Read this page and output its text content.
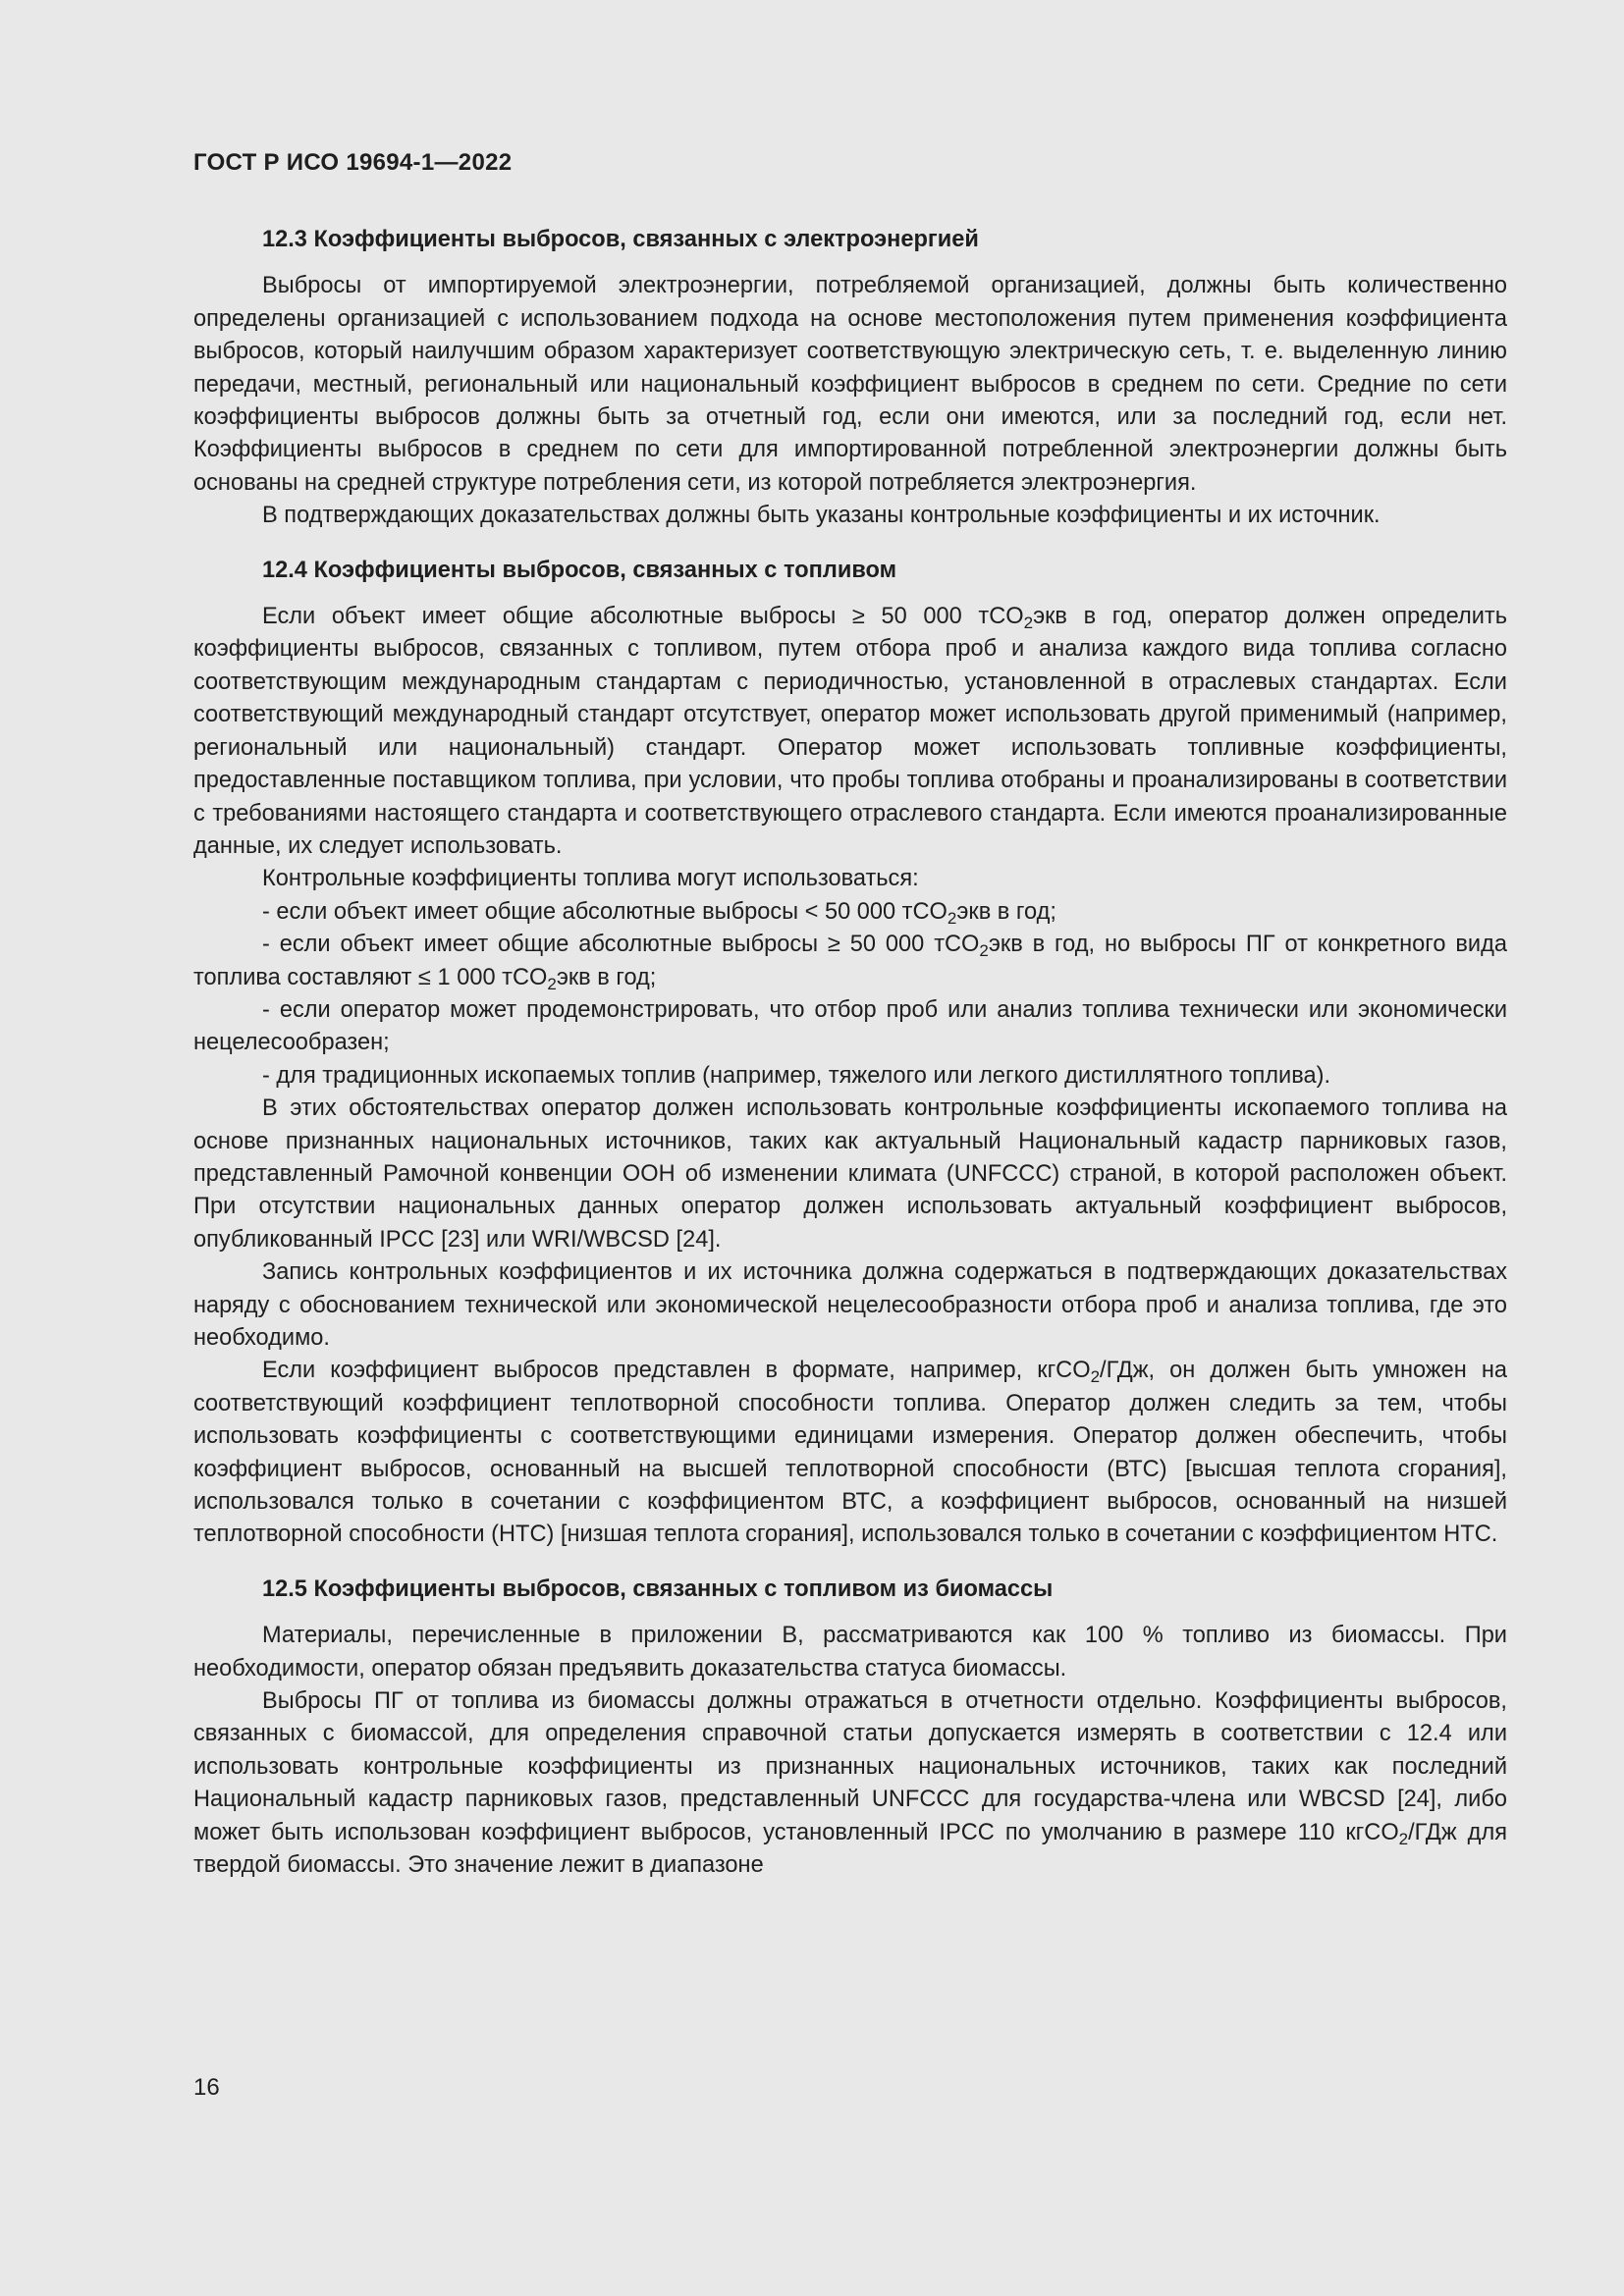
ГОСТ Р ИСО 19694-1—2022
12.3 Коэффициенты выбросов, связанных с электроэнергией

Выбросы от импортируемой электроэнергии, потребляемой организацией, должны быть количественно определены организацией с использованием подхода на основе местоположения путем применения коэффициента выбросов, который наилучшим образом характеризует соответствующую электрическую сеть, т. е. выделенную линию передачи, местный, региональный или национальный коэффициент выбросов в среднем по сети. Средние по сети коэффициенты выбросов должны быть за отчетный год, если они имеются, или за последний год, если нет. Коэффициенты выбросов в среднем по сети для импортированной потребленной электроэнергии должны быть основаны на средней структуре потребления сети, из которой потребляется электроэнергия.

В подтверждающих доказательствах должны быть указаны контрольные коэффициенты и их источник.

12.4 Коэффициенты выбросов, связанных с топливом

Если объект имеет общие абсолютные выбросы ≥ 50 000 тCO$_2$экв в год, оператор должен определить коэффициенты выбросов, связанных с топливом, путем отбора проб и анализа каждого вида топлива согласно соответствующим международным стандартам с периодичностью, установленной в отраслевых стандартах. Если соответствующий международный стандарт отсутствует, оператор может использовать другой применимый (например, региональный или национальный) стандарт. Оператор может использовать топливные коэффициенты, предоставленные поставщиком топлива, при условии, что пробы топлива отобраны и проанализированы в соответствии с требованиями настоящего стандарта и соответствующего отраслевого стандарта. Если имеются проанализированные данные, их следует использовать.

Контрольные коэффициенты топлива могут использоваться:

- если объект имеет общие абсолютные выбросы < 50 000 тCO$_2$экв в год;

- если объект имеет общие абсолютные выбросы ≥ 50 000 тCO$_2$экв в год, но выбросы ПГ от конкретного вида топлива составляют ≤ 1 000 тCO$_2$экв в год;

- если оператор может продемонстрировать, что отбор проб или анализ топлива технически или экономически нецелесообразен;

- для традиционных ископаемых топлив (например, тяжелого или легкого дистиллятного топлива).

В этих обстоятельствах оператор должен использовать контрольные коэффициенты ископаемого топлива на основе признанных национальных источников, таких как актуальный Национальный кадастр парниковых газов, представленный Рамочной конвенции ООН об изменении климата (UNFCCC) страной, в которой расположен объект. При отсутствии национальных данных оператор должен использовать актуальный коэффициент выбросов, опубликованный IPCC [23] или WRI/WBCSD [24].

Запись контрольных коэффициентов и их источника должна содержаться в подтверждающих доказательствах наряду с обоснованием технической или экономической нецелесообразности отбора проб и анализа топлива, где это необходимо.

Если коэффициент выбросов представлен в формате, например, кгCO$_2$/ГДж, он должен быть умножен на соответствующий коэффициент теплотворной способности топлива. Оператор должен следить за тем, чтобы использовать коэффициенты с соответствующими единицами измерения. Оператор должен обеспечить, чтобы коэффициент выбросов, основанный на высшей теплотворной способности (ВТС) [высшая теплота сгорания], использовался только в сочетании с коэффициентом ВТС, а коэффициент выбросов, основанный на низшей теплотворной способности (НТС) [низшая теплота сгорания], использовался только в сочетании с коэффициентом НТС.

12.5 Коэффициенты выбросов, связанных с топливом из биомассы

Материалы, перечисленные в приложении В, рассматриваются как 100 % топливо из биомассы. При необходимости, оператор обязан предъявить доказательства статуса биомассы.

Выбросы ПГ от топлива из биомассы должны отражаться в отчетности отдельно. Коэффициенты выбросов, связанных с биомассой, для определения справочной статьи допускается измерять в соответствии с 12.4 или использовать контрольные коэффициенты из признанных национальных источников, таких как последний Национальный кадастр парниковых газов, представленный UNFCCC для государства-члена или WBCSD [24], либо может быть использован коэффициент выбросов, установленный IPCC по умолчанию в размере 110 кгCO$_2$/ГДж для твердой биомассы. Это значение лежит в диапазоне

16
